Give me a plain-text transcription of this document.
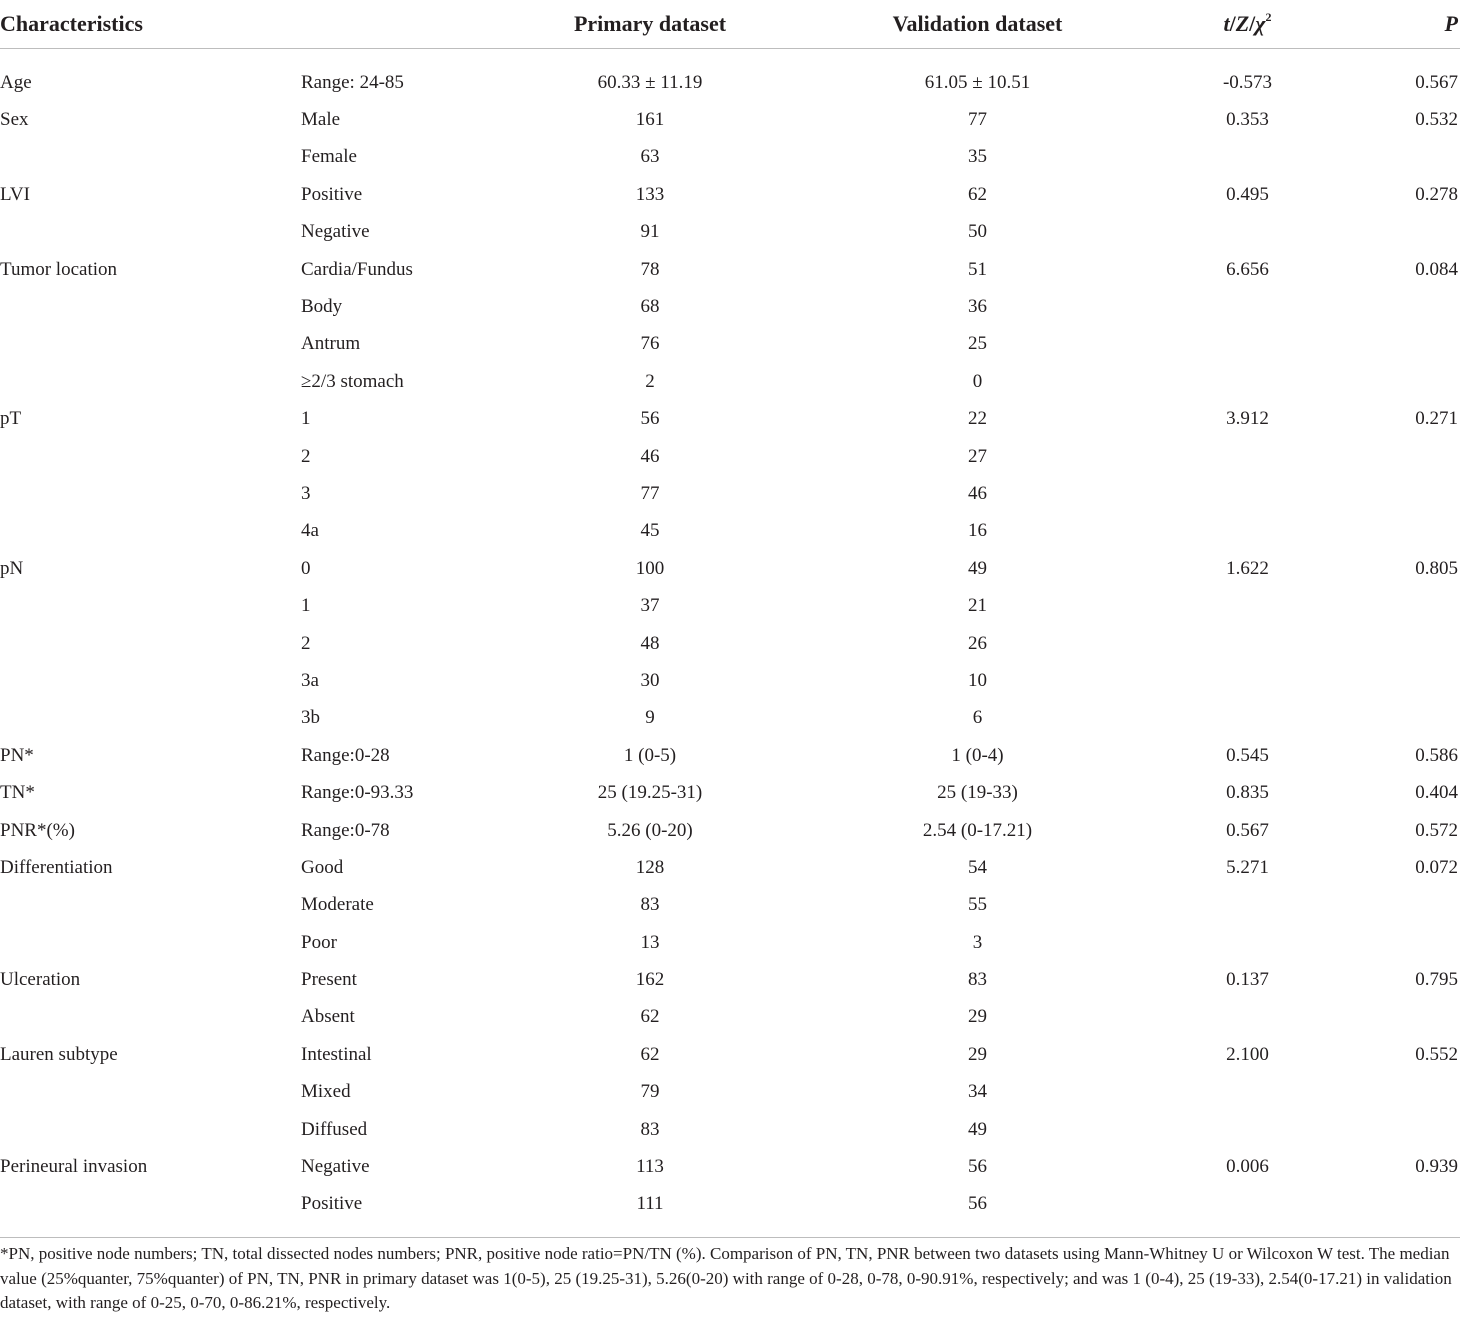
Characteristics		Primary dataset	Validation dataset	$t/Z/\chi^2$	P

Age	Range: 24-85	60.33 ± 11.19	61.05 ± 10.51	-0.573	0.567
Sex	Male	161	77	0.353	0.532
	Female	63	35		
LVI	Positive	133	62	0.495	0.278
	Negative	91	50		
Tumor location	Cardia/Fundus	78	51	6.656	0.084
	Body	68	36		
	Antrum	76	25		
	≥2/3 stomach	2	0		
pT	1	56	22	3.912	0.271
	2	46	27		
	3	77	46		
	4a	45	16		
pN	0	100	49	1.622	0.805
	1	37	21		
	2	48	26		
	3a	30	10		
	3b	9	6		
PN*	Range:0-28	1 (0-5)	1 (0-4)	0.545	0.586
TN*	Range:0-93.33	25 (19.25-31)	25 (19-33)	0.835	0.404
PNR*(%)	Range:0-78	5.26 (0-20)	2.54 (0-17.21)	0.567	0.572
Differentiation	Good	128	54	5.271	0.072
	Moderate	83	55		
	Poor	13	3		
Ulceration	Present	162	83	0.137	0.795
	Absent	62	29		
Lauren subtype	Intestinal	62	29	2.100	0.552
	Mixed	79	34		
	Diffused	83	49		
Perineural invasion	Negative	113	56	0.006	0.939
	Positive	111	56		
*PN, positive node numbers; TN, total dissected nodes numbers; PNR, positive node ratio=PN/TN (%). Comparison of PN, TN, PNR between two datasets using Mann-Whitney U or Wilcoxon W test. The median value (25%quanter, 75%quanter) of PN, TN, PNR in primary dataset was 1(0-5), 25 (19.25-31), 5.26(0-20) with range of 0-28, 0-78, 0-90.91%, respectively; and was 1 (0-4), 25 (19-33), 2.54(0-17.21) in validation dataset, with range of 0-25, 0-70, 0-86.21%, respectively.
